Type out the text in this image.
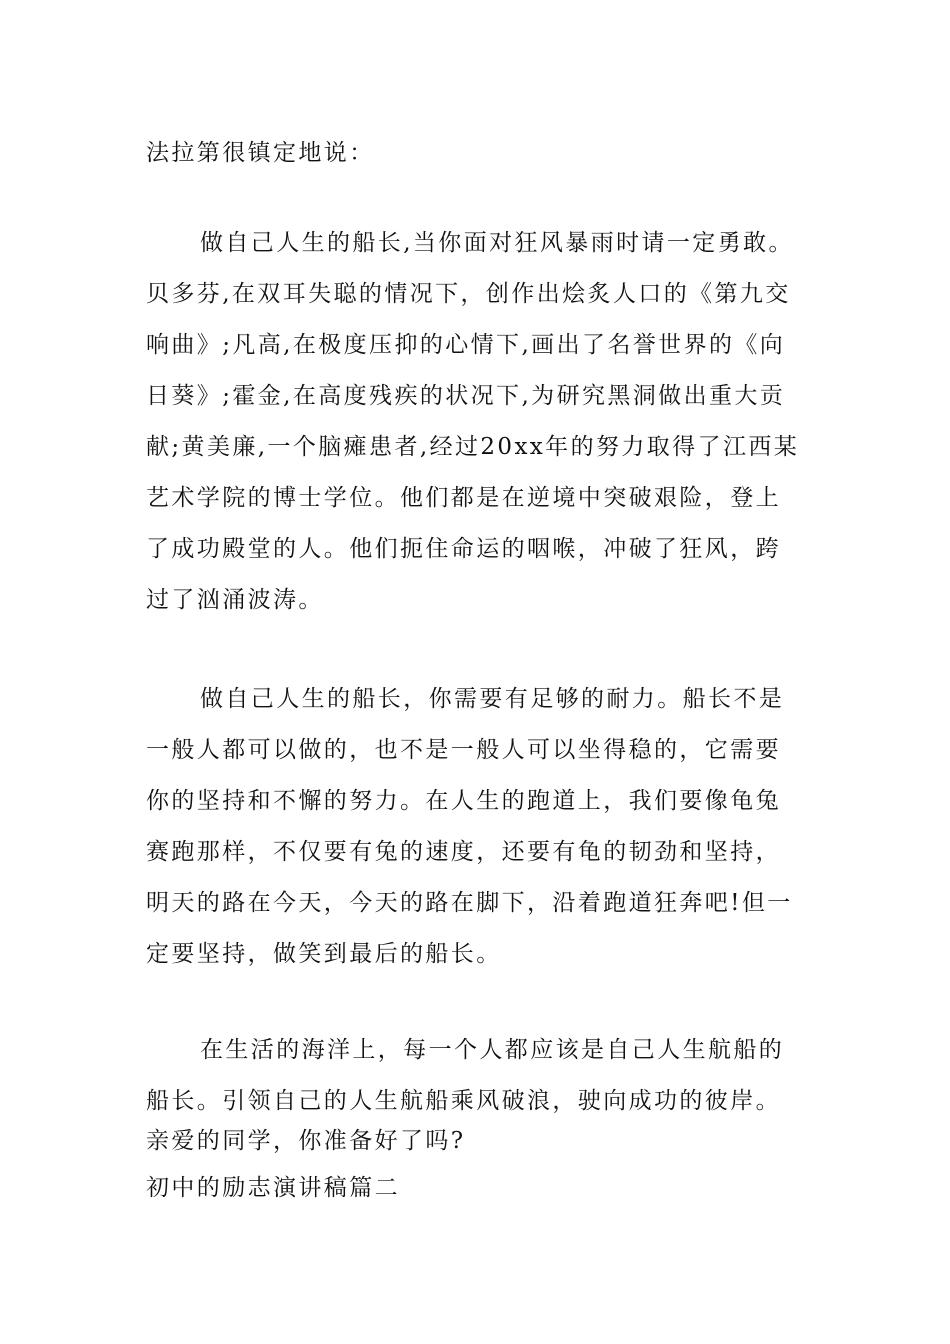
法拉第很镇定地说：

做自己人生的船长,当你面对狂风暴雨时请一定勇敢。

贝多芬,在双耳失聪的情况下，创作出烩炙人口的《第九交

响曲》;凡高,在极度压抑的心情下,画出了名誉世界的《向

日葵》;霍金,在高度残疾的状况下,为研究黑洞做出重大贡

献;黄美廉,一个脑瘫患者,经过20xx年的努力取得了江西某

艺术学院的博士学位。他们都是在逆境中突破艰险，登上

了成功殿堂的人。他们扼住命运的咽喉，冲破了狂风，跨

过了汹涌波涛。

做自己人生的船长，你需要有足够的耐力。船长不是

一般人都可以做的，也不是一般人可以坐得稳的，它需要

你的坚持和不懈的努力。在人生的跑道上，我们要像龟兔

赛跑那样，不仅要有兔的速度，还要有龟的韧劲和坚持，

明天的路在今天，今天的路在脚下，沿着跑道狂奔吧!但一

定要坚持，做笑到最后的船长。

在生活的海洋上，每一个人都应该是自己人生航船的

船长。引领自己的人生航船乘风破浪，驶向成功的彼岸。

亲爱的同学，你准备好了吗?

初中的励志演讲稿篇二
